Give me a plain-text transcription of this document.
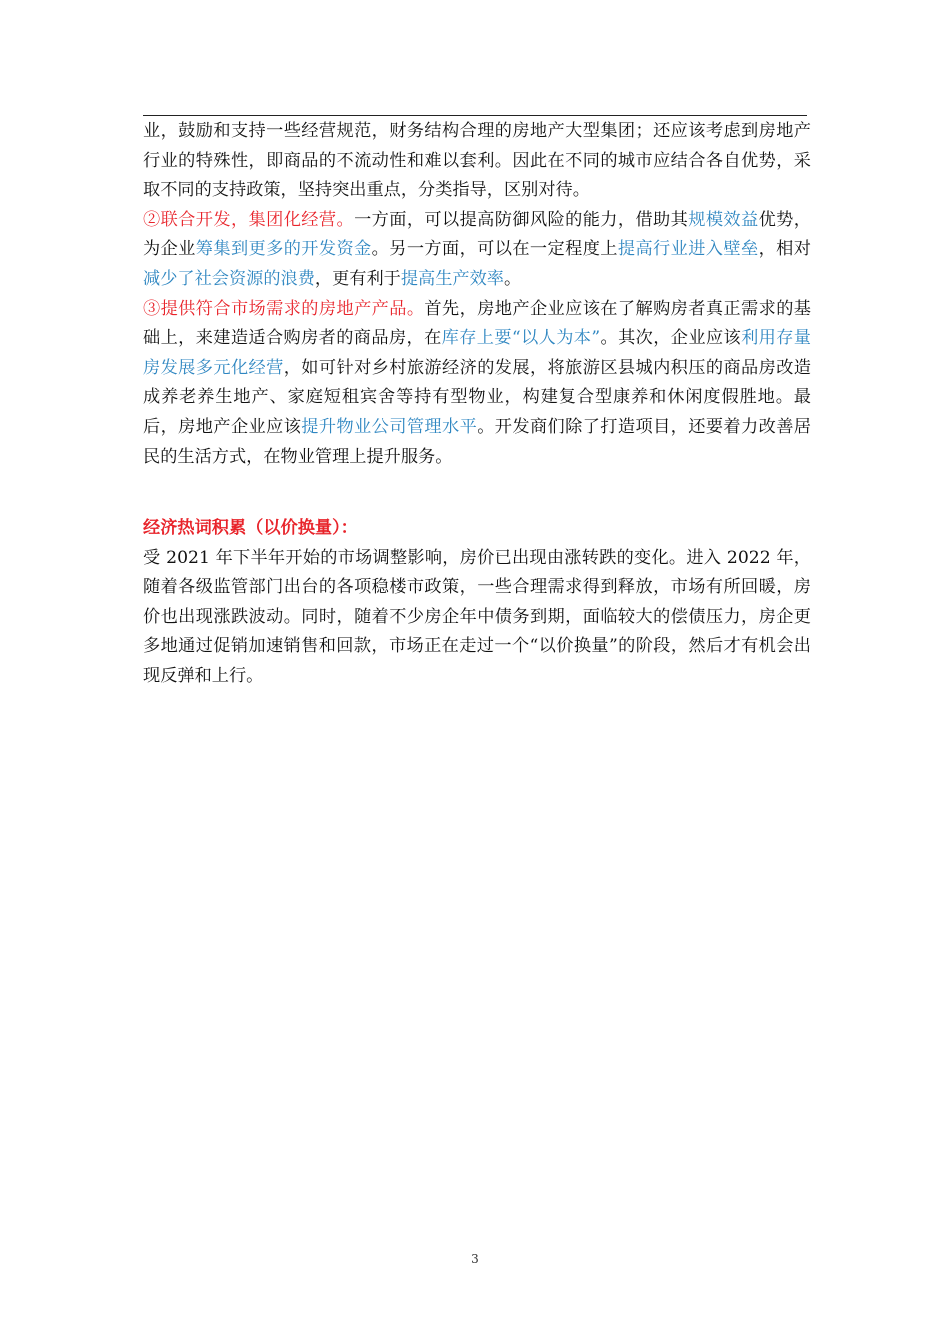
业，鼓励和支持一些经营规范，财务结构合理的房地产大型集团；还应该考虑到房地产行业的特殊性，即商品的不流动性和难以套利。因此在不同的城市应结合各自优势，采取不同的支持政策，坚持突出重点，分类指导，区别对待。

②联合开发，集团化经营。一方面，可以提高防御风险的能力，借助其规模效益优势，为企业筹集到更多的开发资金。另一方面，可以在一定程度上提高行业进入壁垒，相对减少了社会资源的浪费，更有利于提高生产效率。

③提供符合市场需求的房地产产品。首先，房地产企业应该在了解购房者真正需求的基础上，来建造适合购房者的商品房，在库存上要“以人为本”。其次，企业应该利用存量房发展多元化经营，如可针对乡村旅游经济的发展，将旅游区县城内积压的商品房改造成养老养生地产、家庭短租宾舍等持有型物业，构建复合型康养和休闲度假胜地。最后，房地产企业应该提升物业公司管理水平。开发商们除了打造项目，还要着力改善居民的生活方式，在物业管理上提升服务。

经济热词积累（以价换量）：

受 2021 年下半年开始的市场调整影响，房价已出现由涨转跌的变化。进入 2022 年，随着各级监管部门出台的各项稳楼市政策，一些合理需求得到释放，市场有所回暖，房价也出现涨跌波动。同时，随着不少房企年中债务到期，面临较大的偿债压力，房企更多地通过促销加速销售和回款，市场正在走过一个“以价换量”的阶段，然后才有机会出现反弹和上行。

3
